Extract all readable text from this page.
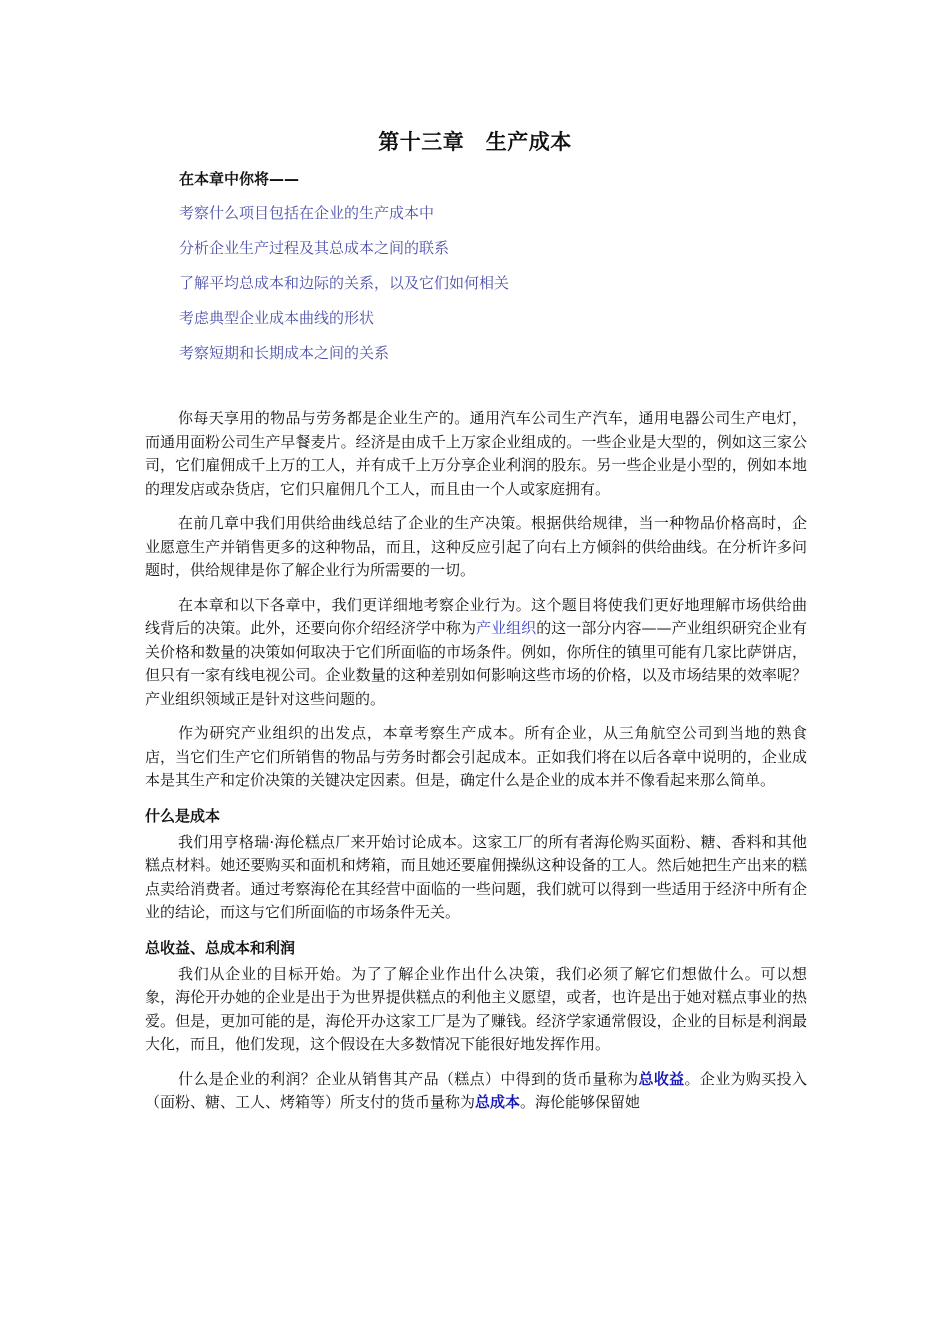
第十三章　生产成本
在本章中你将——
考察什么项目包括在企业的生产成本中
分析企业生产过程及其总成本之间的联系
了解平均总成本和边际的关系，以及它们如何相关
考虑典型企业成本曲线的形状
考察短期和长期成本之间的关系

你每天享用的物品与劳务都是企业生产的。通用汽车公司生产汽车，通用电器公司生产电灯，而通用面粉公司生产早餐麦片。经济是由成千上万家企业组成的。一些企业是大型的，例如这三家公司，它们雇佣成千上万的工人，并有成千上万分享企业利润的股东。另一些企业是小型的，例如本地的理发店或杂货店，它们只雇佣几个工人，而且由一个人或家庭拥有。

在前几章中我们用供给曲线总结了企业的生产决策。根据供给规律，当一种物品价格高时，企业愿意生产并销售更多的这种物品，而且，这种反应引起了向右上方倾斜的供给曲线。在分析许多问题时，供给规律是你了解企业行为所需要的一切。

在本章和以下各章中，我们更详细地考察企业行为。这个题目将使我们更好地理解市场供给曲线背后的决策。此外，还要向你介绍经济学中称为产业组织的这一部分内容——产业组织研究企业有关价格和数量的决策如何取决于它们所面临的市场条件。例如，你所住的镇里可能有几家比萨饼店，但只有一家有线电视公司。企业数量的这种差别如何影响这些市场的价格，以及市场结果的效率呢？产业组织领域正是针对这些问题的。

作为研究产业组织的出发点，本章考察生产成本。所有企业，从三角航空公司到当地的熟食店，当它们生产它们所销售的物品与劳务时都会引起成本。正如我们将在以后各章中说明的，企业成本是其生产和定价决策的关键决定因素。但是，确定什么是企业的成本并不像看起来那么简单。

什么是成本

我们用亨格瑞·海伦糕点厂来开始讨论成本。这家工厂的所有者海伦购买面粉、糖、香料和其他糕点材料。她还要购买和面机和烤箱，而且她还要雇佣操纵这种设备的工人。然后她把生产出来的糕点卖给消费者。通过考察海伦在其经营中面临的一些问题，我们就可以得到一些适用于经济中所有企业的结论，而这与它们所面临的市场条件无关。

总收益、总成本和利润

我们从企业的目标开始。为了了解企业作出什么决策，我们必须了解它们想做什么。可以想象，海伦开办她的企业是出于为世界提供糕点的利他主义愿望，或者，也许是出于她对糕点事业的热爱。但是，更加可能的是，海伦开办这家工厂是为了赚钱。经济学家通常假设，企业的目标是利润最大化，而且，他们发现，这个假设在大多数情况下能很好地发挥作用。

什么是企业的利润？企业从销售其产品（糕点）中得到的货币量称为总收益。企业为购买投入（面粉、糖、工人、烤箱等）所支付的货币量称为总成本。海伦能够保留她
